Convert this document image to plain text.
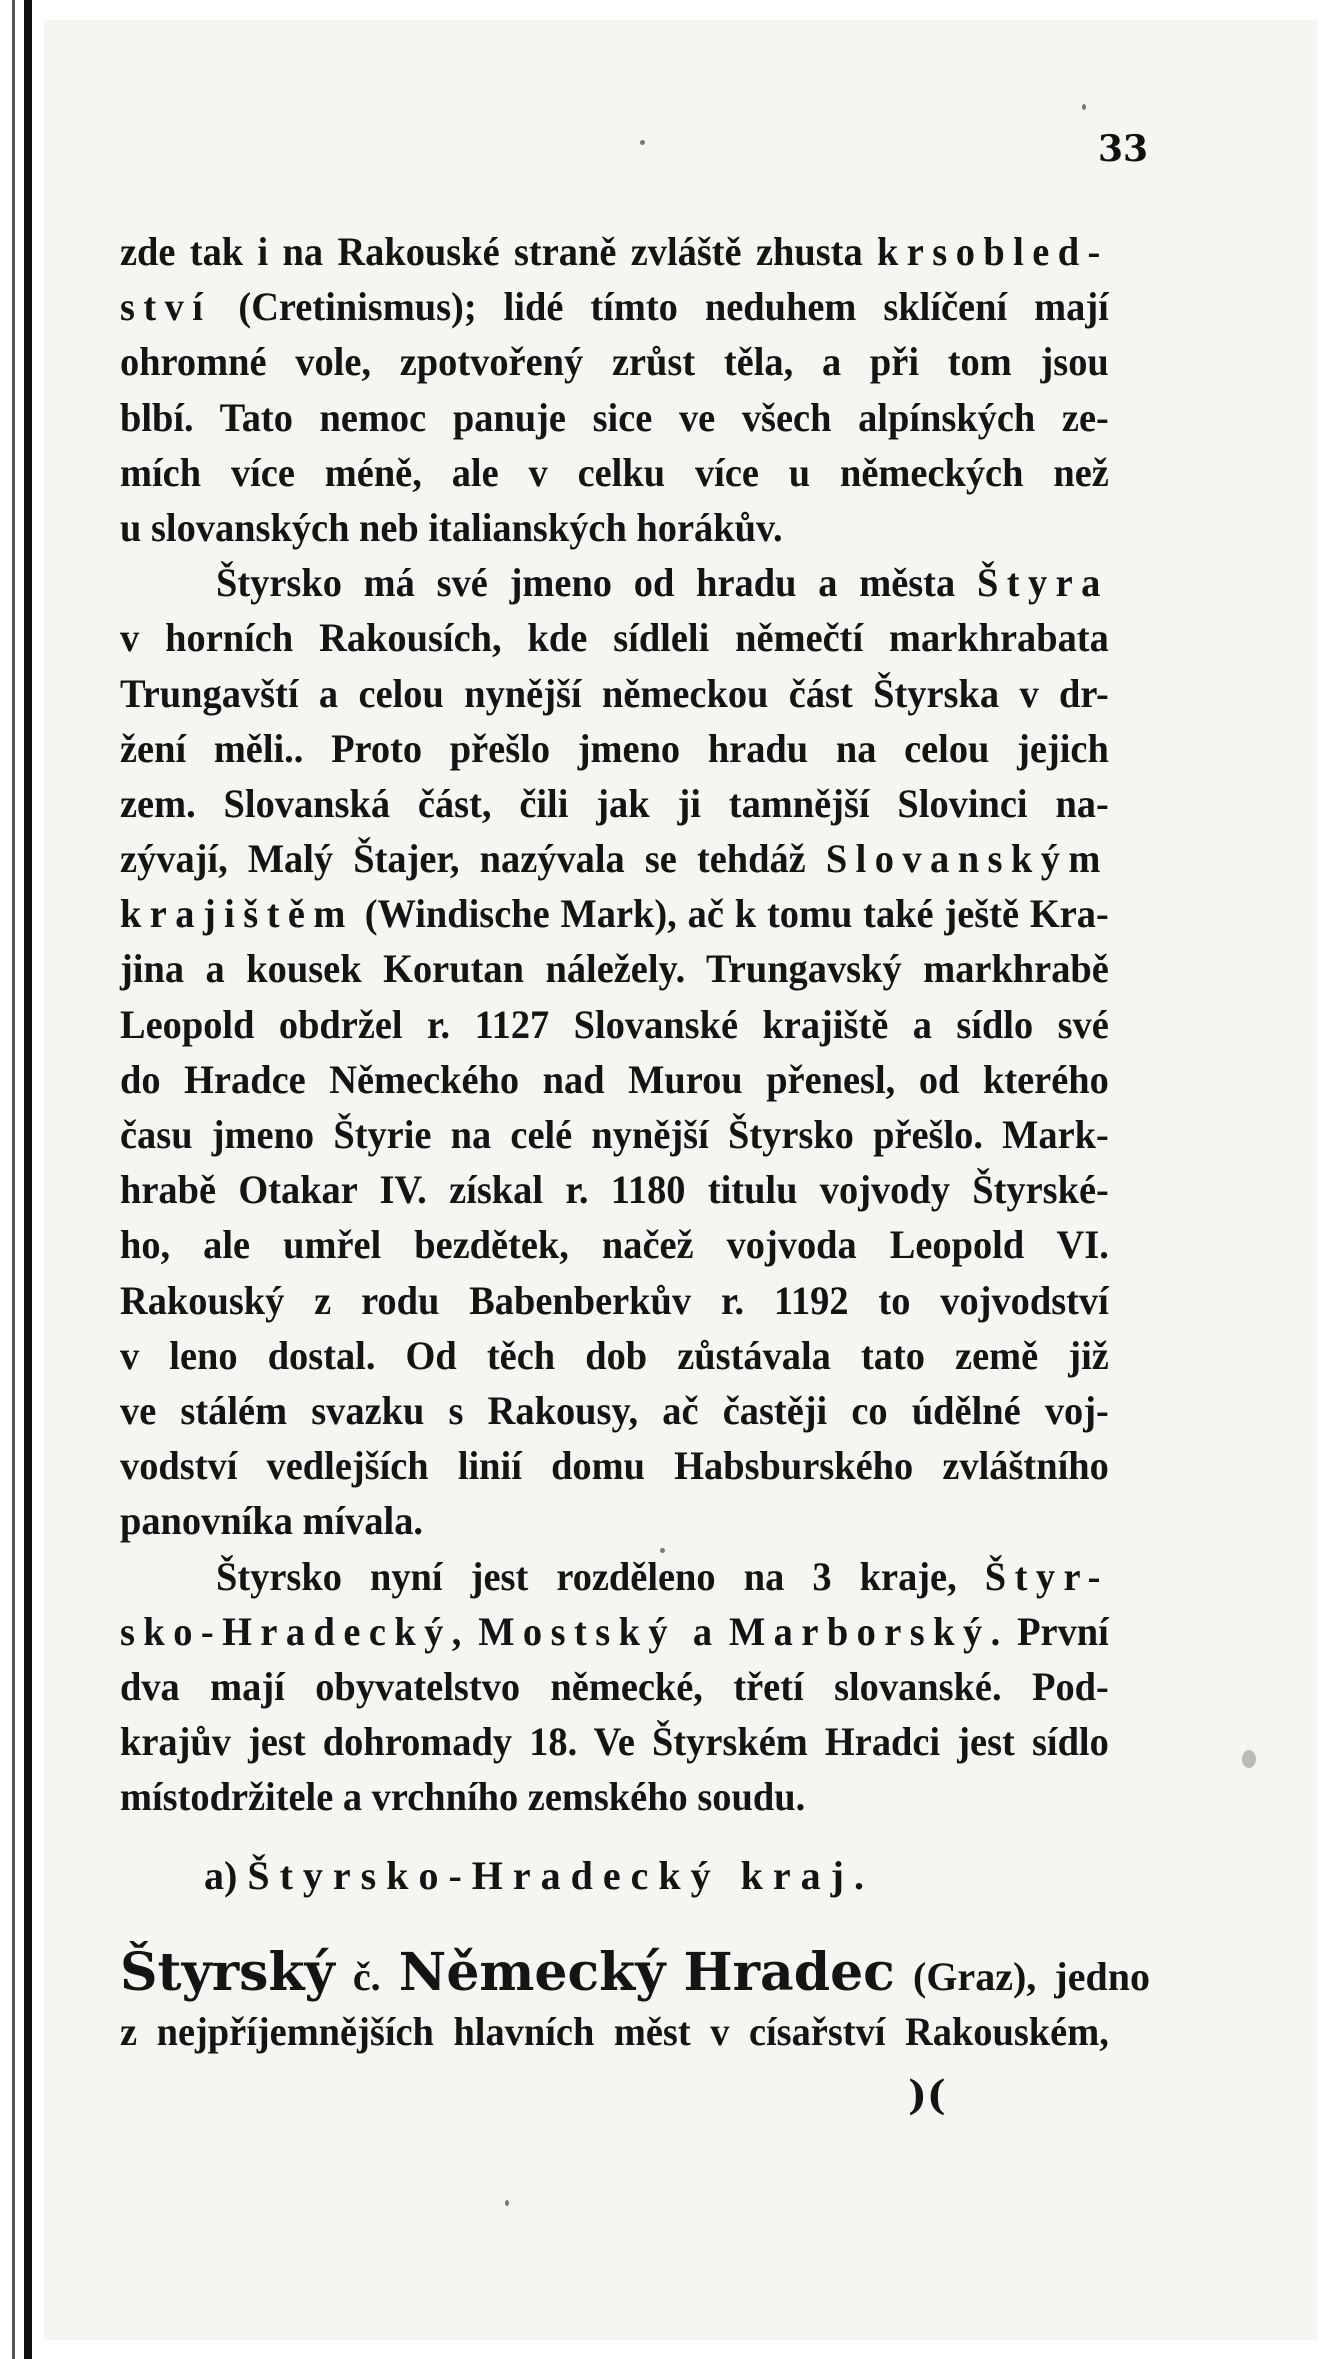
33
zde tak i na Rakouské straně zvláště zhusta krsobled-
ství (Cretinismus); lidé tímto neduhem sklíčení mají
ohromné vole, zpotvořený zrůst těla, a při tom jsou
blbí. Tato nemoc panuje sice ve všech alpínských ze-
mích více méně, ale v celku více u německých než
u slovanských neb italianských horákův.
Štyrsko má své jmeno od hradu a města Štyra
v horních Rakousích, kde sídleli němečtí markhrabata
Trungavští a celou nynější německou část Štyrska v dr-
žení měli.. Proto přešlo jmeno hradu na celou jejich
zem. Slovanská část, čili jak ji tamnější Slovinci na-
zývají, Malý Štajer, nazývala se tehdáž Slovanským
krajištěm (Windische Mark), ač k tomu také ještě Kra-
jina a kousek Korutan náležely. Trungavský markhrabě
Leopold obdržel r. 1127 Slovanské krajiště a sídlo své
do Hradce Německého nad Murou přenesl, od kterého
času jmeno Štyrie na celé nynější Štyrsko přešlo. Mark-
hrabě Otakar IV. získal r. 1180 titulu vojvody Štyrské-
ho, ale umřel bezdětek, načež vojvoda Leopold VI.
Rakouský z rodu Babenberkův r. 1192 to vojvodství
v leno dostal. Od těch dob zůstávala tato země již
ve stálém svazku s Rakousy, ač častěji co údělné voj-
vodství vedlejších linií domu Habsburského zvláštního
panovníka mívala.
Štyrsko nyní jest rozděleno na 3 kraje, Štyr-
sko-Hradecký, Mostský a Marborský. První
dva mají obyvatelstvo německé, třetí slovanské. Pod-
krajův jest dohromady 18. Ve Štyrském Hradci jest sídlo
místodržitele a vrchního zemského soudu.
a) Štyrsko-Hradecký kraj.
Štyrský č. Německý Hradec (Graz), jedno
z nejpříjemnějších hlavních měst v císařství Rakouském,
)(
